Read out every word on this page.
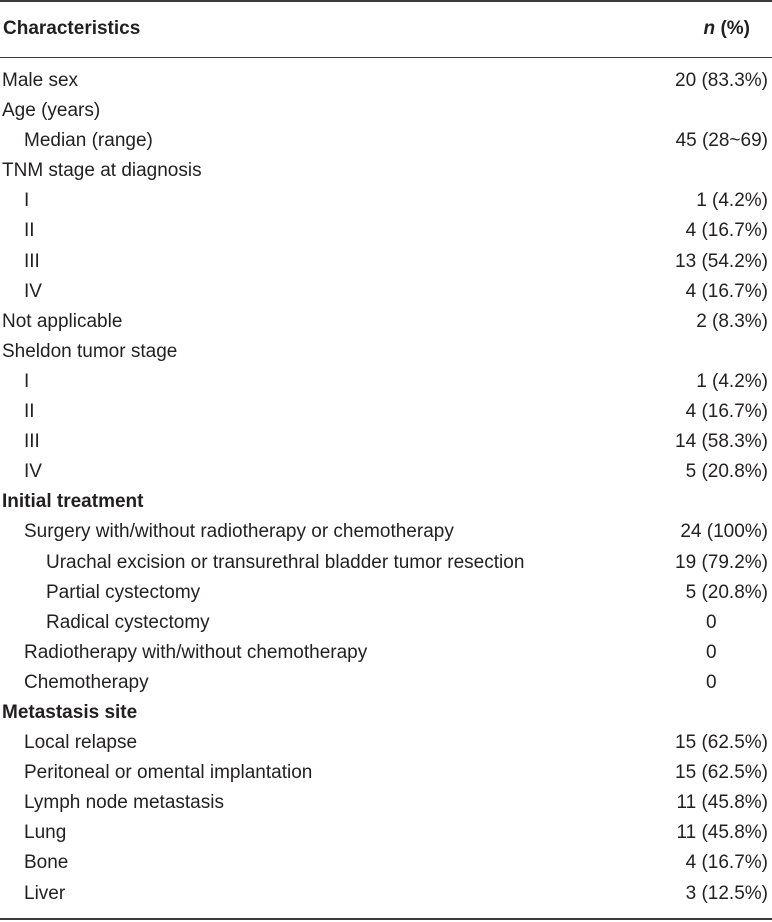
Characteristics	n (%)
Male sex	20 (83.3%)
Age (years)
Median (range)	45 (28~69)
TNM stage at diagnosis
I	1 (4.2%)
II	4 (16.7%)
III	13 (54.2%)
IV	4 (16.7%)
Not applicable	2 (8.3%)
Sheldon tumor stage
I	1 (4.2%)
II	4 (16.7%)
III	14 (58.3%)
IV	5 (20.8%)
Initial treatment
Surgery with/without radiotherapy or chemotherapy	24 (100%)
Urachal excision or transurethral bladder tumor resection	19 (79.2%)
Partial cystectomy	5 (20.8%)
Radical cystectomy	0
Radiotherapy with/without chemotherapy	0
Chemotherapy	0
Metastasis site
Local relapse	15 (62.5%)
Peritoneal or omental implantation	15 (62.5%)
Lymph node metastasis	11 (45.8%)
Lung	11 (45.8%)
Bone	4 (16.7%)
Liver	3 (12.5%)
